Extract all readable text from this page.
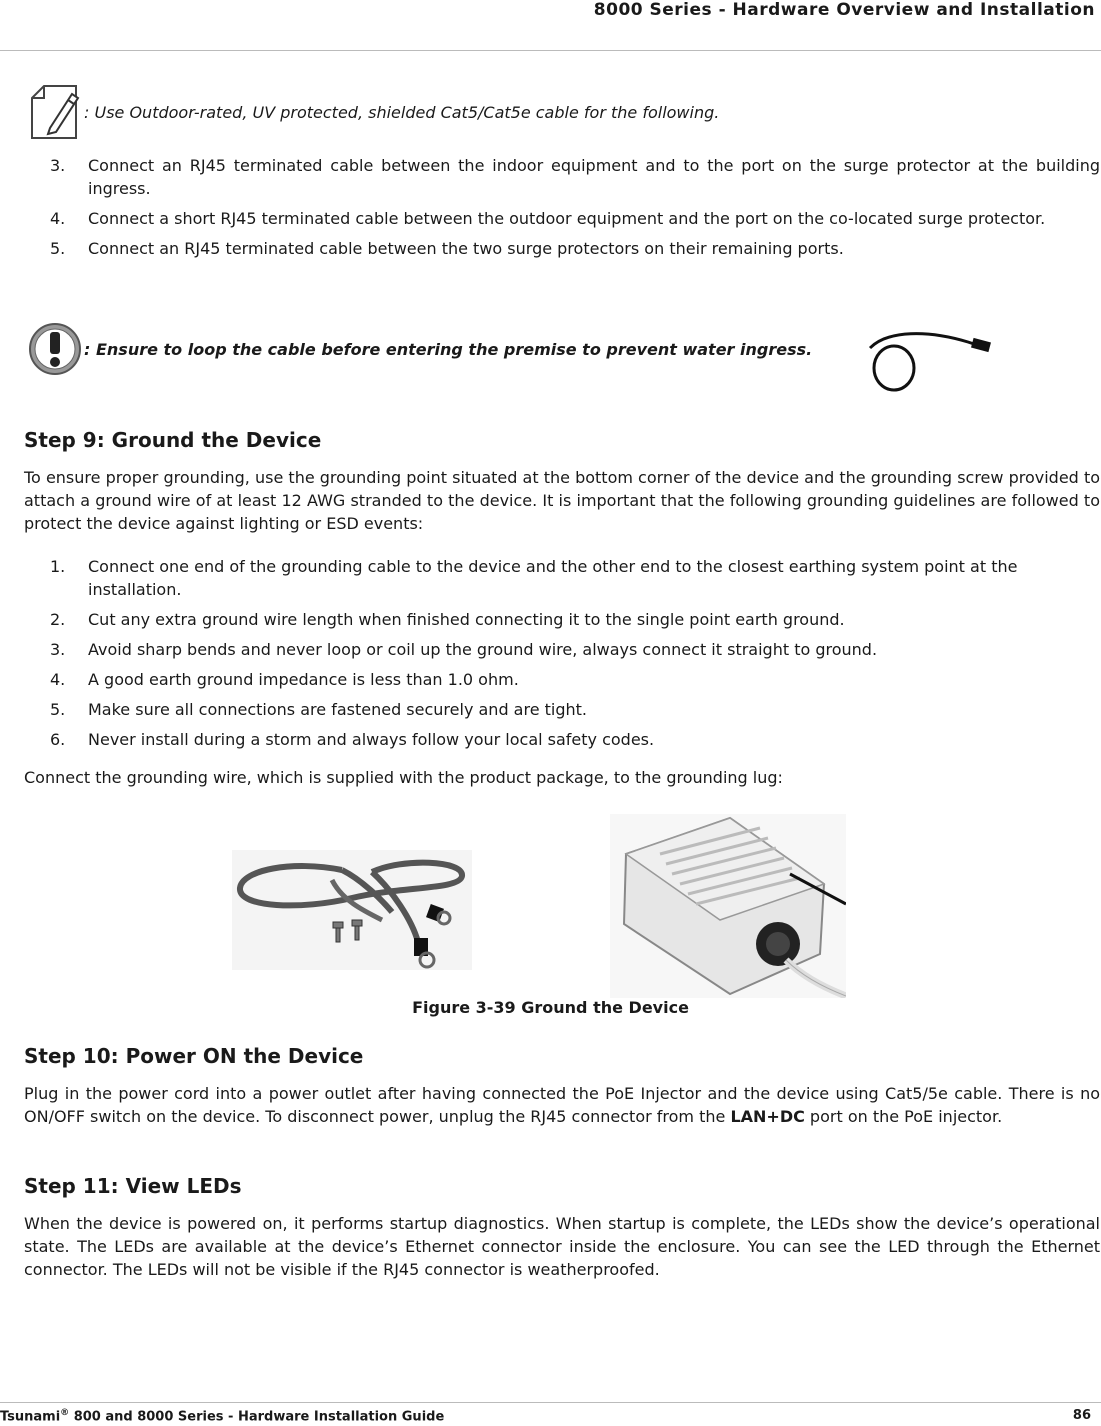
8000 Series - Hardware Overview and Installation
: Use Outdoor-rated, UV protected, shielded Cat5/Cat5e cable for the following.
3.	Connect an RJ45 terminated cable between the indoor equipment and to the port on the surge protector at the building ingress.
4.	Connect a short RJ45 terminated cable between the outdoor equipment and the port on the co-located surge protector.
5.	Connect an RJ45 terminated cable between the two surge protectors on their remaining ports.
: Ensure to loop the cable before entering the premise to prevent water ingress.
Step 9: Ground the Device
To ensure proper grounding, use the grounding point situated at the bottom corner of the device and the grounding screw provided to attach a ground wire of at least 12 AWG stranded to the device. It is important that the following grounding guidelines are followed to protect the device against lighting or ESD events:
1.	Connect one end of the grounding cable to the device and the other end to the closest earthing system point at the installation.
2.	Cut any extra ground wire length when finished connecting it to the single point earth ground.
3.	Avoid sharp bends and never loop or coil up the ground wire, always connect it straight to ground.
4.	A good earth ground impedance is less than 1.0 ohm.
5.	Make sure all connections are fastened securely and are tight.
6.	Never install during a storm and always follow your local safety codes.
Connect the grounding wire, which is supplied with the product package, to the grounding lug:
Figure 3-39 Ground the Device
Step 10: Power ON the Device
Plug in the power cord into a power outlet after having connected the PoE Injector and the device using Cat5/5e cable. There is no ON/OFF switch on the device. To disconnect power, unplug the RJ45 connector from the LAN+DC port on the PoE injector.
Step 11: View LEDs
When the device is powered on, it performs startup diagnostics. When startup is complete, the LEDs show the device’s operational state. The LEDs are available at the device’s Ethernet connector inside the enclosure. You can see the LED through the Ethernet connector. The LEDs will not be visible if the RJ45 connector is weatherproofed.
Tsunami® 800 and 8000 Series - Hardware Installation Guide	86
